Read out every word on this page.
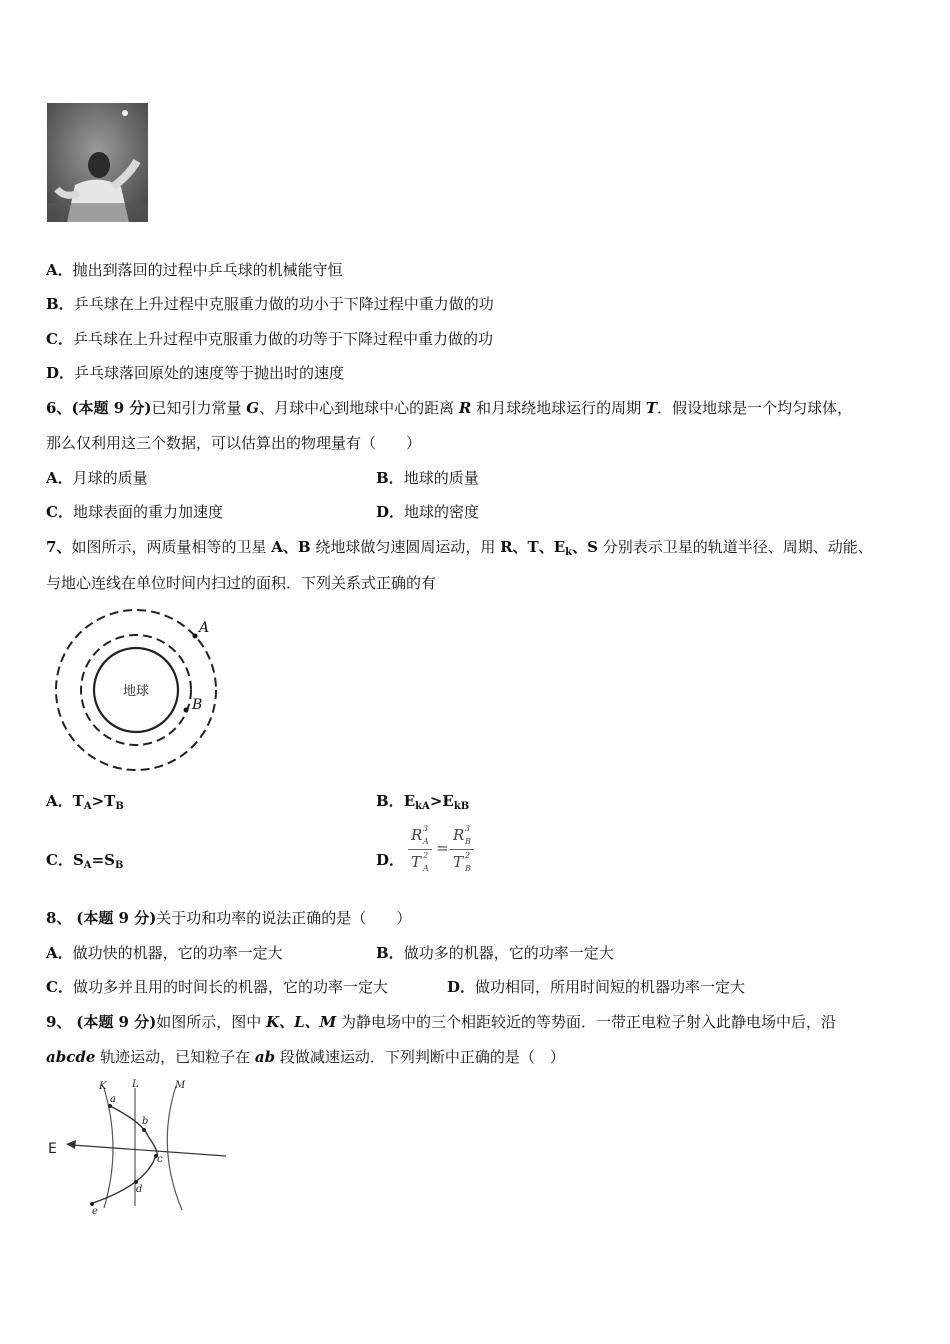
A．抛出到落回的过程中乒乓球的机械能守恒
B．乒乓球在上升过程中克服重力做的功小于下降过程中重力做的功
C．乒乓球在上升过程中克服重力做的功等于下降过程中重力做的功
D．乒乓球落回原处的速度等于抛出时的速度
6、(本题 9 分)已知引力常量 G、月球中心到地球中心的距离 R 和月球绕地球运行的周期 T．假设地球是一个均匀球体，
那么仅利用这三个数据，可以估算出的物理量有（　　）
A．月球的质量	B．地球的质量
C．地球表面的重力加速度	D．地球的密度
7、如图所示，两质量相等的卫星 A、B 绕地球做匀速圆周运动，用 R、T、$E_k$、S 分别表示卫星的轨道半径、周期、动能、
与地心连线在单位时间内扫过的面积．下列关系式正确的有
地球
A
B
A．$T_A>T_B$	B．$E_{kA}>E_{kB}$
C．$S_A=S_B$	D．
R 3
A
T 2
A
=
R 3
B
T 2
B
8、 (本题 9 分)关于功和功率的说法正确的是（　　）
A．做功快的机器，它的功率一定大	B．做功多的机器，它的功率一定大
C．做功多并且用的时间长的机器，它的功率一定大	D．做功相同，所用时间短的机器功率一定大
9、 (本题 9 分)如图所示，图中 K、L、M 为静电场中的三个相距较近的等势面．一带正电粒子射入此静电场中后，沿
abcde 轨迹运动，已知粒子在 ab 段做减速运动．下列判断中正确的是（　）
K	L	M
a
b
c
d
e
E
